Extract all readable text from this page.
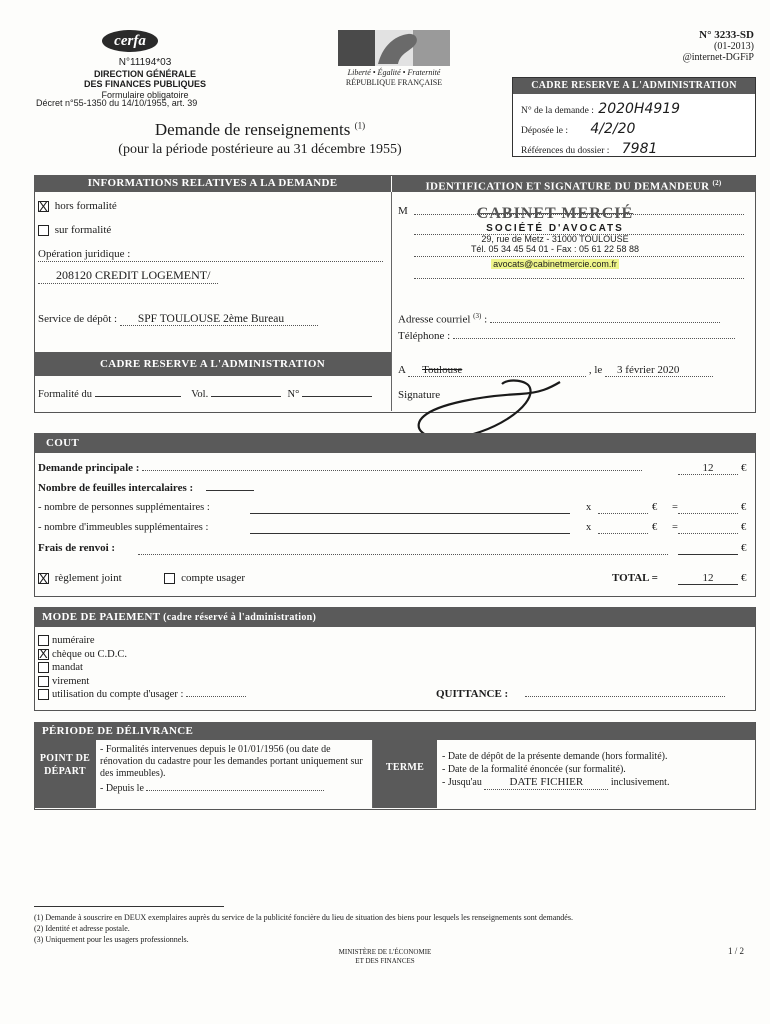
cerfa
N°11194*03
DIRECTION GÉNÉRALE
DES FINANCES PUBLIQUES
Formulaire obligatoire
Décret n°55-1350 du 14/10/1955, art. 39
Liberté • Égalité • Fraternité
RÉPUBLIQUE FRANÇAISE
N° 3233-SD
(01-2013)
@internet-DGFiP
CADRE RESERVE A L'ADMINISTRATION
N° de la demande : 2020H4919
Déposée le : 4/2/20
Références du dossier : 7981
Demande de renseignements $^{(1)}$
(pour la période postérieure au 31 décembre 1955)
INFORMATIONS RELATIVES A LA DEMANDE	IDENTIFICATION ET SIGNATURE DU DEMANDEUR $^{(2)}$
X hors formalité
sur formalité
Opération juridique :
208120 CREDIT LOGEMENT/
Service de dépôt : SPF TOULOUSE 2ème Bureau
M	CABINET MERCIÉ
SOCIÉTÉ D'AVOCATS
29, rue de Metz - 31000 TOULOUSE
Tél. 05 34 45 54 01 - Fax : 05 61 22 58 88
avocats@cabinetmercie.com.fr
Adresse courriel $^{(3)}$ :
Téléphone :
CADRE RESERVE A L'ADMINISTRATION
Formalité du	Vol.	N°
A Toulouse	, le 3 février 2020
Signature
COUT
Demande principale :	12	€
Nombre de feuilles intercalaires :
- nombre de personnes supplémentaires :	x	€ =	€
- nombre d'immeubles supplémentaires :	x	€ =	€
Frais de renvoi :	€
X règlement joint	compte usager	TOTAL =	12	€
MODE DE PAIEMENT (cadre réservé à l'administration)
numéraire
Xchèque ou C.D.C.
mandat
virement
utilisation du compte d'usager :	QUITTANCE :
PÉRIODE DE DÉLIVRANCE
POINT DE DÉPART
- Formalités intervenues depuis le 01/01/1956 (ou date de rénovation du cadastre pour les demandes portant uniquement sur des immeubles).
- Depuis le
TERME
- Date de dépôt de la présente demande (hors formalité).
- Date de la formalité énoncée (sur formalité).
- Jusqu'au	DATE FICHIER	inclusivement.
(1) Demande à souscrire en DEUX exemplaires auprès du service de la publicité foncière du lieu de situation des biens pour lesquels les renseignements sont demandés.
(2) Identité et adresse postale.
(3) Uniquement pour les usagers professionnels.
MINISTÈRE DE L'ÉCONOMIE
ET DES FINANCES
1 / 2
